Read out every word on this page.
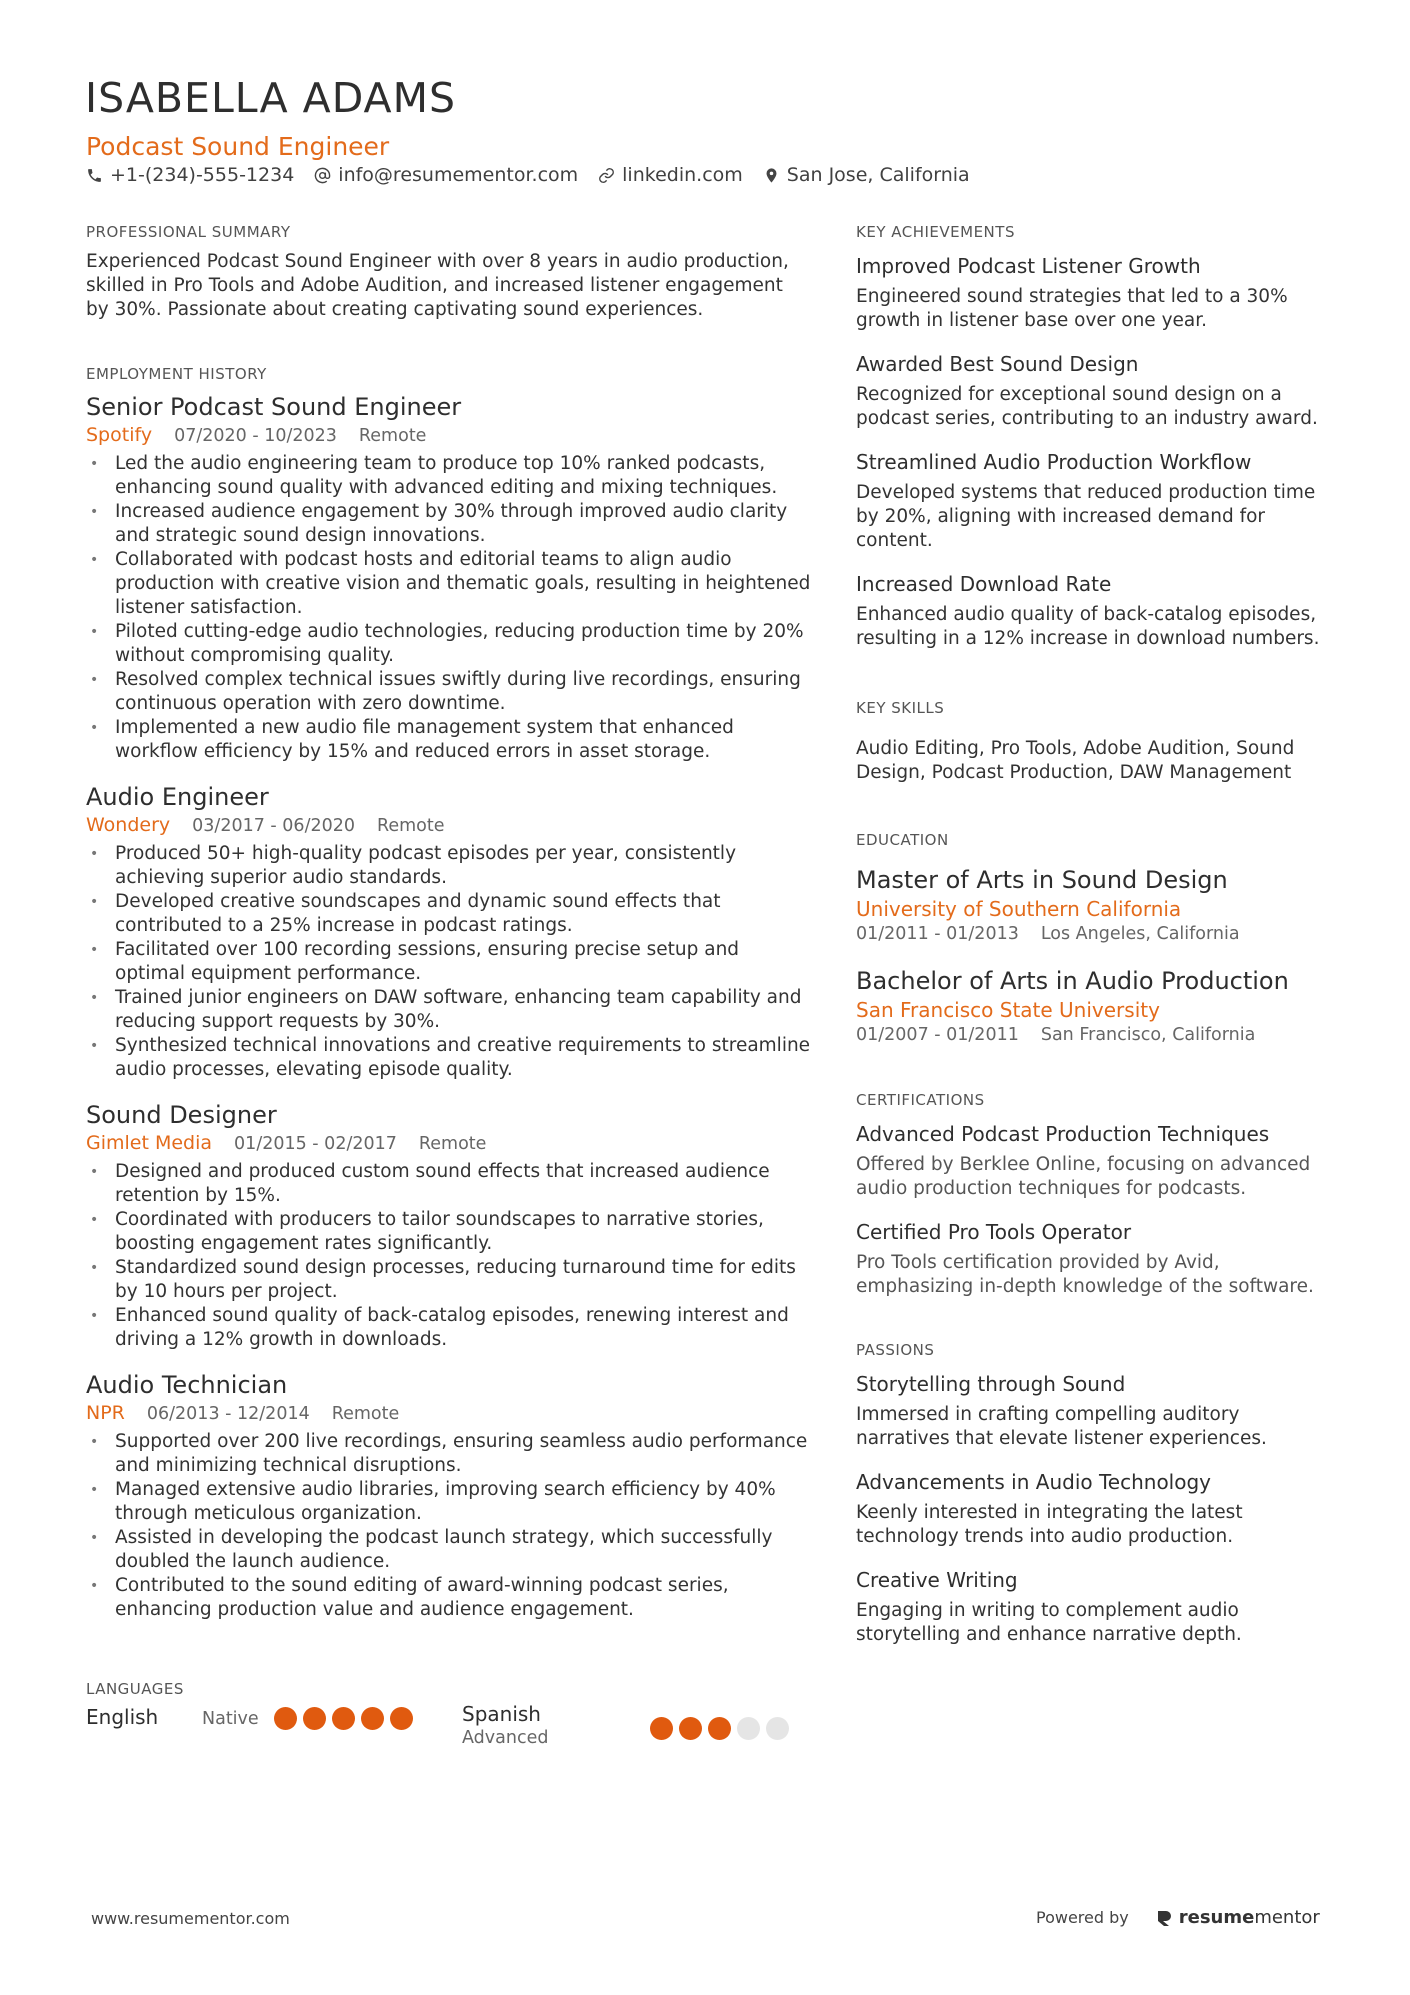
ISABELLA ADAMS
Podcast Sound Engineer
+1-(234)-555-1234 info@resumementor.com linkedin.com San Jose, California
PROFESSIONAL SUMMARY
Experienced Podcast Sound Engineer with over 8 years in audio production, skilled in Pro Tools and Adobe Audition, and increased listener engagement by 30%. Passionate about creating captivating sound experiences.
EMPLOYMENT HISTORY
Senior Podcast Sound Engineer
Spotify 07/2020 - 10/2023 Remote
• Led the audio engineering team to produce top 10% ranked podcasts, enhancing sound quality with advanced editing and mixing techniques.
• Increased audience engagement by 30% through improved audio clarity and strategic sound design innovations.
• Collaborated with podcast hosts and editorial teams to align audio production with creative vision and thematic goals, resulting in heightened listener satisfaction.
• Piloted cutting-edge audio technologies, reducing production time by 20% without compromising quality.
• Resolved complex technical issues swiftly during live recordings, ensuring continuous operation with zero downtime.
• Implemented a new audio file management system that enhanced workflow efficiency by 15% and reduced errors in asset storage.
Audio Engineer
Wondery 03/2017 - 06/2020 Remote
• Produced 50+ high-quality podcast episodes per year, consistently achieving superior audio standards.
• Developed creative soundscapes and dynamic sound effects that contributed to a 25% increase in podcast ratings.
• Facilitated over 100 recording sessions, ensuring precise setup and optimal equipment performance.
• Trained junior engineers on DAW software, enhancing team capability and reducing support requests by 30%.
• Synthesized technical innovations and creative requirements to streamline audio processes, elevating episode quality.
Sound Designer
Gimlet Media 01/2015 - 02/2017 Remote
• Designed and produced custom sound effects that increased audience retention by 15%.
• Coordinated with producers to tailor soundscapes to narrative stories, boosting engagement rates significantly.
• Standardized sound design processes, reducing turnaround time for edits by 10 hours per project.
• Enhanced sound quality of back-catalog episodes, renewing interest and driving a 12% growth in downloads.
Audio Technician
NPR 06/2013 - 12/2014 Remote
• Supported over 200 live recordings, ensuring seamless audio performance and minimizing technical disruptions.
• Managed extensive audio libraries, improving search efficiency by 40% through meticulous organization.
• Assisted in developing the podcast launch strategy, which successfully doubled the launch audience.
• Contributed to the sound editing of award-winning podcast series, enhancing production value and audience engagement.
LANGUAGES
English	Native	Spanish
Advanced
KEY ACHIEVEMENTS
Improved Podcast Listener Growth
Engineered sound strategies that led to a 30% growth in listener base over one year.
Awarded Best Sound Design
Recognized for exceptional sound design on a podcast series, contributing to an industry award.
Streamlined Audio Production Workflow
Developed systems that reduced production time by 20%, aligning with increased demand for content.
Increased Download Rate
Enhanced audio quality of back-catalog episodes, resulting in a 12% increase in download numbers.
KEY SKILLS
Audio Editing, Pro Tools, Adobe Audition, Sound Design, Podcast Production, DAW Management
EDUCATION
Master of Arts in Sound Design
University of Southern California
01/2011 - 01/2013 Los Angeles, California
Bachelor of Arts in Audio Production
San Francisco State University
01/2007 - 01/2011 San Francisco, California
CERTIFICATIONS
Advanced Podcast Production Techniques
Offered by Berklee Online, focusing on advanced audio production techniques for podcasts.
Certified Pro Tools Operator
Pro Tools certification provided by Avid, emphasizing in-depth knowledge of the software.
PASSIONS
Storytelling through Sound
Immersed in crafting compelling auditory narratives that elevate listener experiences.
Advancements in Audio Technology
Keenly interested in integrating the latest technology trends into audio production.
Creative Writing
Engaging in writing to complement audio storytelling and enhance narrative depth.
www.resumementor.com	Powered by	resumementor
